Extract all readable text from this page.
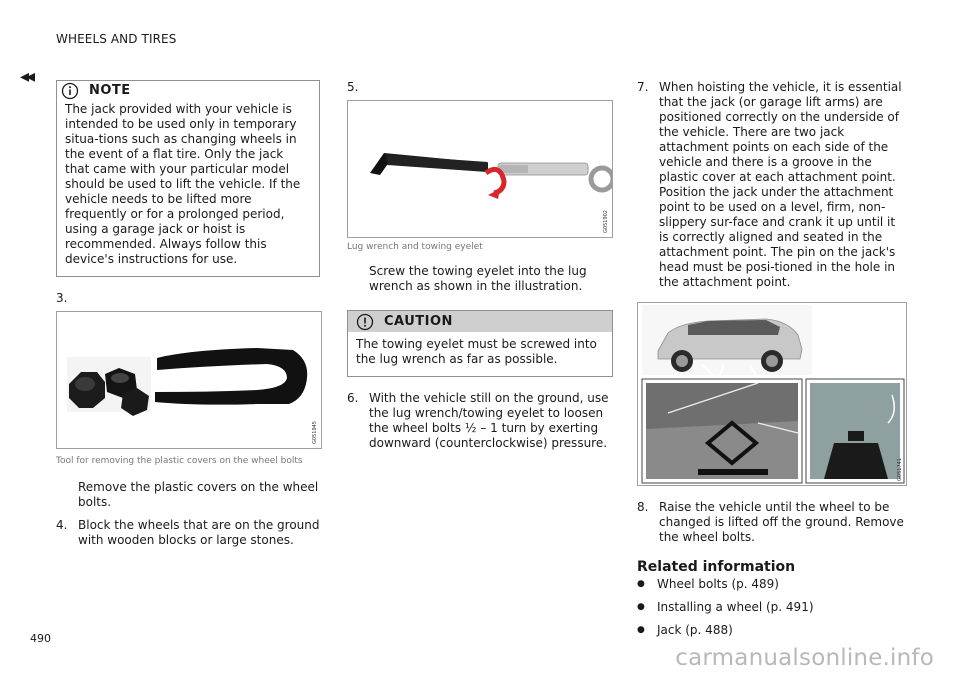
WHEELS AND TIRES
◂◂
490
carmanualsonline.info
NOTE

The jack provided with your vehicle is intended to be used only in temporary situa-tions such as changing wheels in the event of a flat tire. Only the jack that came with your particular model should be used to lift the vehicle. If the vehicle needs to be lifted more frequently or for a prolonged period, using a garage jack or hoist is recommended. Always follow this device's instructions for use.

3.
G051945
Tool for removing the plastic covers on the wheel bolts

Remove the plastic covers on the wheel bolts.

4. Block the wheels that are on the ground with wooden blocks or large stones.

5.
G051902
Lug wrench and towing eyelet

Screw the towing eyelet into the lug wrench as shown in the illustration.

CAUTION

The towing eyelet must be screwed into the lug wrench as far as possible.

6. With the vehicle still on the ground, use the lug wrench/towing eyelet to loosen the wheel bolts ½ – 1 turn by exerting downward (counterclockwise) pressure.

7. When hoisting the vehicle, it is essential that the jack (or garage lift arms) are positioned correctly on the underside of the vehicle. There are two jack attachment points on each side of the vehicle and there is a groove in the plastic cover at each attachment point. Position the jack under the attachment point to be used on a level, firm, non-slippery sur-face and crank it up until it is correctly aligned and seated in the attachment point. The pin on the jack's head must be posi-tioned in the hole in the attachment point.

G051741
8. Raise the vehicle until the wheel to be changed is lifted off the ground. Remove the wheel bolts.

Related information
●	Wheel bolts (p. 489)
●	Installing a wheel (p. 491)
●	Jack (p. 488)
